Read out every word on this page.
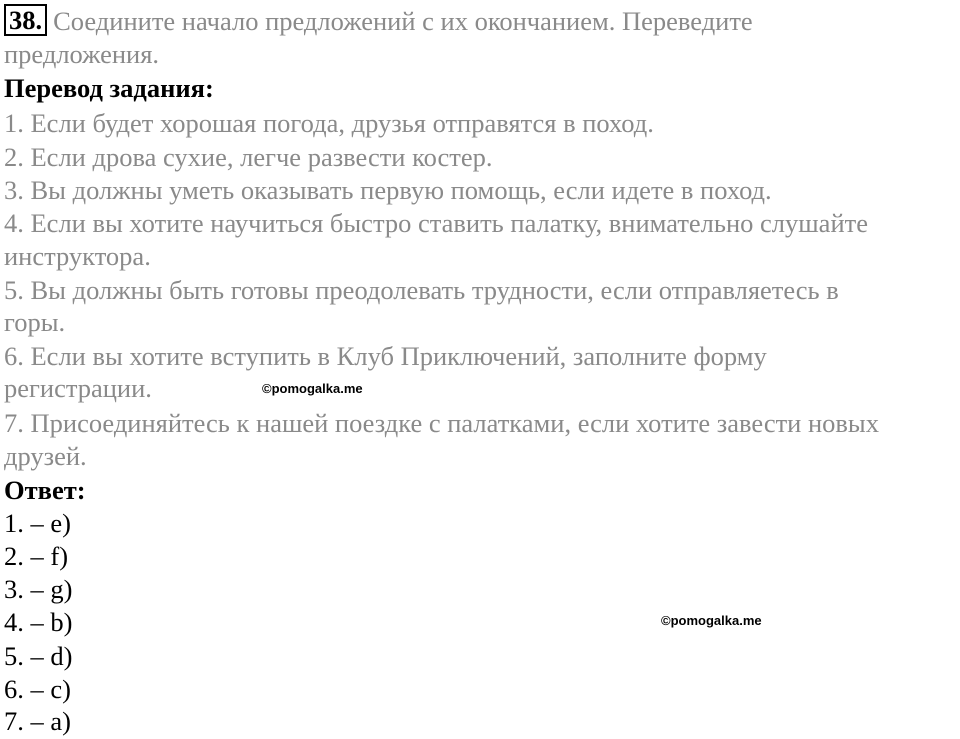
38. Соедините начало предложений с их окончанием. Переведите
предложения.
Перевод задания:
1. Если будет хорошая погода, друзья отправятся в поход.
2. Если дрова сухие, легче развести костер.
3. Вы должны уметь оказывать первую помощь, если идете в поход.
4. Если вы хотите научиться быстро ставить палатку, внимательно слушайте
инструктора.
5. Вы должны быть готовы преодолевать трудности, если отправляетесь в
горы.
6. Если вы хотите вступить в Клуб Приключений, заполните форму
регистрации.
7. Присоединяйтесь к нашей поездке с палатками, если хотите завести новых
друзей.
Ответ:
1. – e)
2. – f)
3. – g)
4. – b)
5. – d)
6. – c)
7. – a)
©pomogalka.me
©pomogalka.me
